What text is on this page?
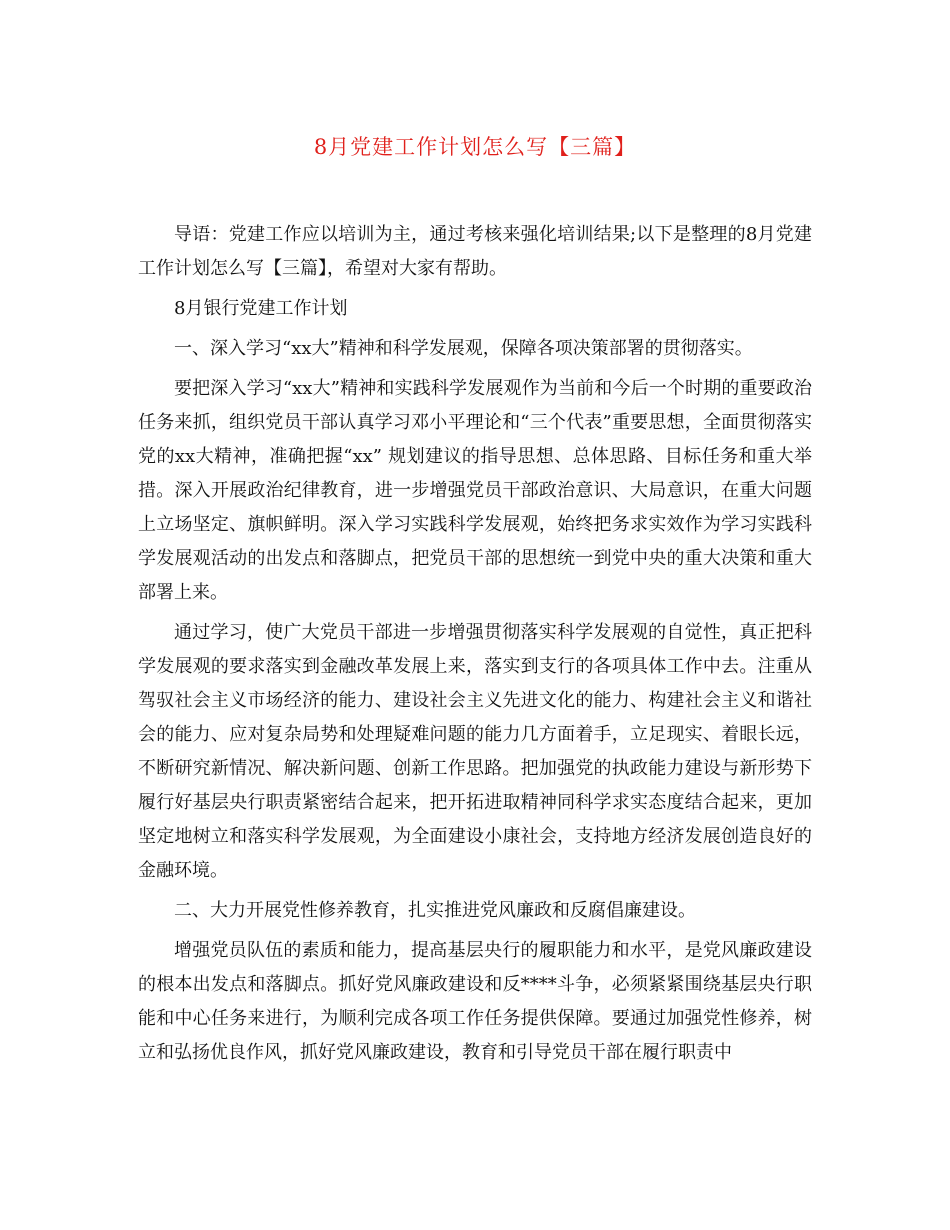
8月党建工作计划怎么写【三篇】

导语：党建工作应以培训为主，通过考核来强化培训结果;以下是整理的8月党建工作计划怎么写【三篇】，希望对大家有帮助。

8月银行党建工作计划

一、深入学习“xx大”精神和科学发展观，保障各项决策部署的贯彻落实。

要把深入学习“xx大”精神和实践科学发展观作为当前和今后一个时期的重要政治任务来抓，组织党员干部认真学习邓小平理论和“三个代表”重要思想，全面贯彻落实党的xx大精神，准确把握“xx” 规划建议的指导思想、总体思路、目标任务和重大举措。深入开展政治纪律教育，进一步增强党员干部政治意识、大局意识，在重大问题上立场坚定、旗帜鲜明。深入学习实践科学发展观，始终把务求实效作为学习实践科学发展观活动的出发点和落脚点，把党员干部的思想统一到党中央的重大决策和重大部署上来。

通过学习，使广大党员干部进一步增强贯彻落实科学发展观的自觉性，真正把科学发展观的要求落实到金融改革发展上来，落实到支行的各项具体工作中去。注重从驾驭社会主义市场经济的能力、建设社会主义先进文化的能力、构建社会主义和谐社会的能力、应对复杂局势和处理疑难问题的能力几方面着手，立足现实、着眼长远，不断研究新情况、解决新问题、创新工作思路。把加强党的执政能力建设与新形势下履行好基层央行职责紧密结合起来，把开拓进取精神同科学求实态度结合起来，更加坚定地树立和落实科学发展观，为全面建设小康社会，支持地方经济发展创造良好的金融环境。

二、大力开展党性修养教育，扎实推进党风廉政和反腐倡廉建设。

增强党员队伍的素质和能力，提高基层央行的履职能力和水平，是党风廉政建设的根本出发点和落脚点。抓好党风廉政建设和反****斗争，必须紧紧围绕基层央行职能和中心任务来进行，为顺利完成各项工作任务提供保障。要通过加强党性修养，树立和弘扬优良作风，抓好党风廉政建设，教育和引导党员干部在履行职责中
